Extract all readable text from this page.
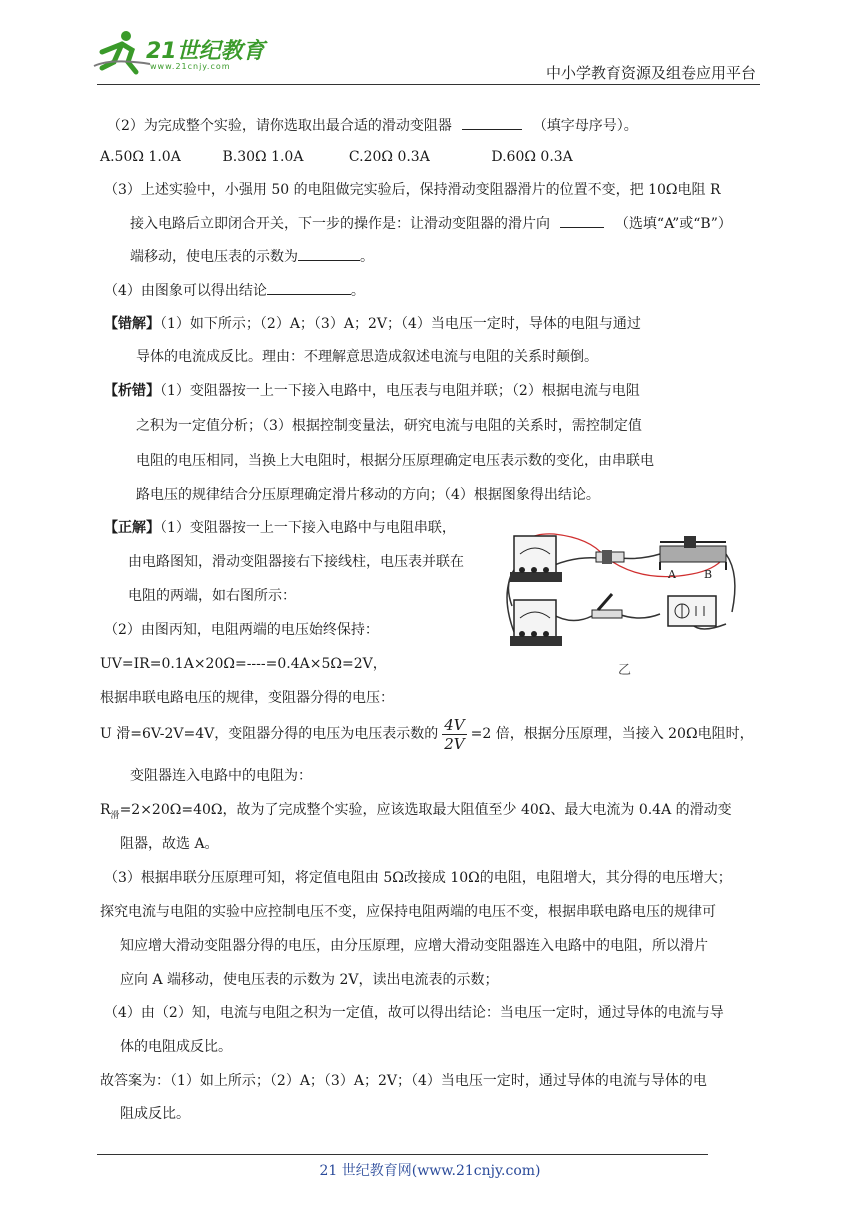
21世纪教育
www.21cnjy.com	中小学教育资源及组卷应用平台
（2）为完成整个实验，请你选取出最合适的滑动变阻器	（填字母序号）。
A.50Ω 1.0A	B.30Ω 1.0A	C.20Ω 0.3A	D.60Ω 0.3A
（3）上述实验中，小强用 50 的电阻做完实验后，保持滑动变阻器滑片的位置不变，把 10Ω电阻 R
接入电路后立即闭合开关，下一步的操作是：让滑动变阻器的滑片向	（选填“A”或“B”）
端移动，使电压表的示数为	。
（4）由图象可以得出结论	。
【错解】（1）如下所示；（2）A；（3）A；2V；（4）当电压一定时，导体的电阻与通过
导体的电流成反比。理由：不理解意思造成叙述电流与电阻的关系时颠倒。
【析错】（1）变阻器按一上一下接入电路中，电压表与电阻并联；（2）根据电流与电阻
之积为一定值分析；（3）根据控制变量法，研究电流与电阻的关系时，需控制定值
电阻的电压相同，当换上大电阻时，根据分压原理确定电压表示数的变化，由串联电
路电压的规律结合分压原理确定滑片移动的方向；（4）根据图象得出结论。
【正解】（1）变阻器按一上一下接入电路中与电阻串联，
由电路图知，滑动变阻器接右下接线柱，电压表并联在
电阻的两端，如右图所示：
（2）由图丙知，电阻两端的电压始终保持：
UV=IR=0.1A×20Ω=----=0.4A×5Ω=2V，
根据串联电路电压的规律，变阻器分得的电压：
U 滑=6V-2V=4V，变阻器分得的电压为电压表示数的 $\frac{4V}{2V} =2$ 倍，根据分压原理，当接入 20Ω电阻时，
变阻器连入电路中的电阻为：
$R_滑=2\times 20\Omega=40\Omega$，故为了完成整个实验，应该选取最大阻值至少 40Ω、最大电流为 0.4A 的滑动变
阻器，故选 A。
（3）根据串联分压原理可知，将定值电阻由 5Ω改接成 10Ω的电阻，电阻增大，其分得的电压增大；
探究电流与电阻的实验中应控制电压不变，应保持电阻两端的电压不变，根据串联电路电压的规律可
知应增大滑动变阻器分得的电压，由分压原理，应增大滑动变阻器连入电路中的电阻，所以滑片
应向 A 端移动，使电压表的示数为 2V，读出电流表的示数；
（4）由（2）知，电流与电阻之积为一定值，故可以得出结论：当电压一定时，通过导体的电流与导
体的电阻成反比。
故答案为：（1）如上所示；（2）A；（3）A；2V；（4）当电压一定时，通过导体的电流与导体的电
阻成反比。
A	B
乙
21 世纪教育网(www.21cnjy.com)
